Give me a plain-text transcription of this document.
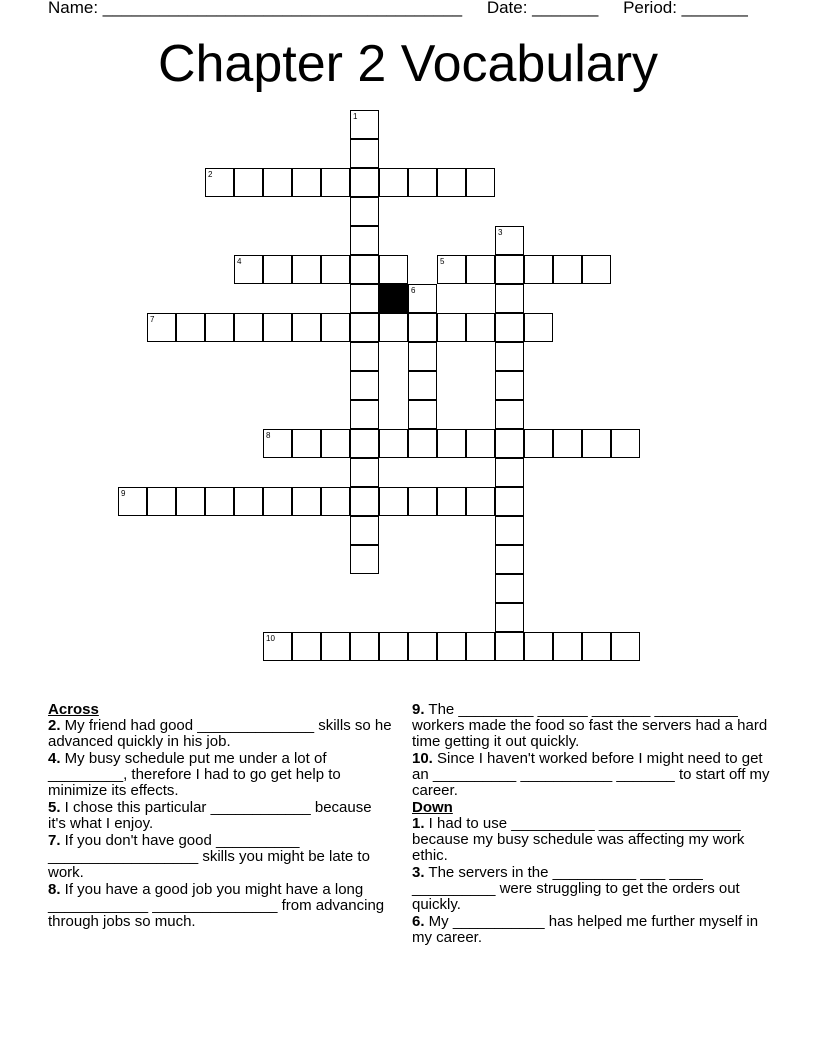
Name: ______________________________________ Date: _______ Period: _______
Chapter 2 Vocabulary
1
2
3
4	5
6
7
8
9
10
Across
2. My friend had good ______________ skills so he advanced quickly in his job.
4. My busy schedule put me under a lot of _________, therefore I had to go get help to minimize its effects.
5. I chose this particular ____________ because it's what I enjoy.
7. If you don't have good __________ __________________ skills you might be late to work.
8. If you have a good job you might have a long ____________ _______________ from advancing through jobs so much.
9. The _________ ______ _______ __________ workers made the food so fast the servers had a hard time getting it out quickly.
10. Since I haven't worked before I might need to get an __________ ___________ _______ to start off my career.
Down
1. I had to use __________ _________________ because my busy schedule was affecting my work ethic.
3. The servers in the __________ ___ ____ __________ were struggling to get the orders out quickly.
6. My ___________ has helped me further myself in my career.
